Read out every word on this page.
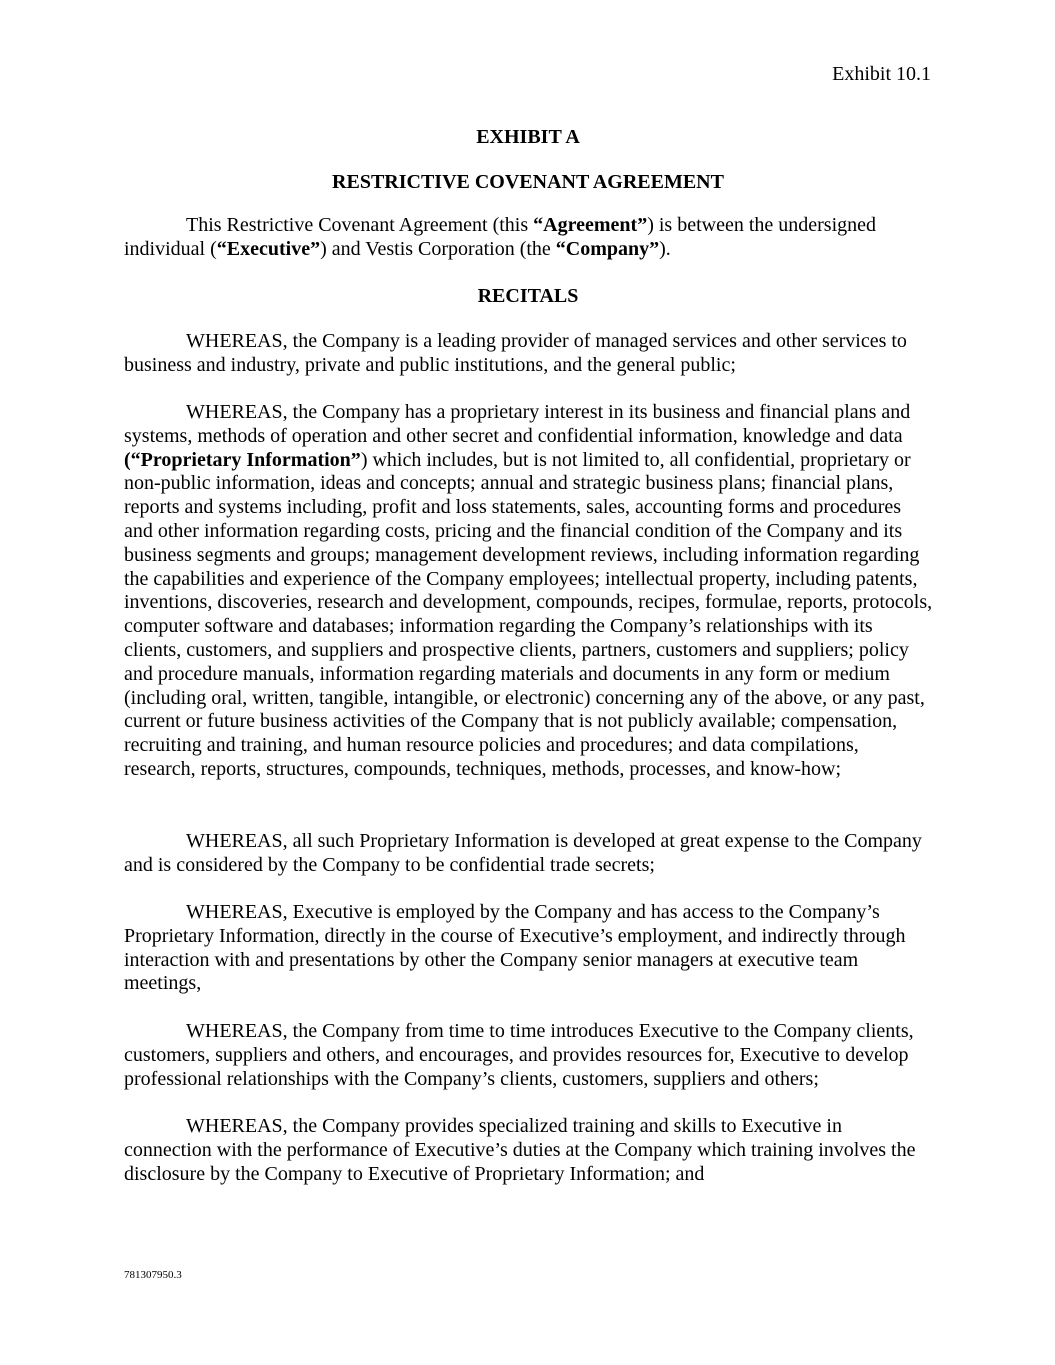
Exhibit 10.1
EXHIBIT A
RESTRICTIVE COVENANT AGREEMENT

This Restrictive Covenant Agreement (this “Agreement”) is between the undersigned individual (“Executive”) and Vestis Corporation (the “Company”).

RECITALS

WHEREAS, the Company is a leading provider of managed services and other services to business and industry, private and public institutions, and the general public;

WHEREAS, the Company has a proprietary interest in its business and financial plans and systems, methods of operation and other secret and confidential information, knowledge and data (“Proprietary Information”) which includes, but is not limited to, all confidential, proprietary or non-public information, ideas and concepts; annual and strategic business plans; financial plans, reports and systems including, profit and loss statements, sales, accounting forms and procedures and other information regarding costs, pricing and the financial condition of the Company and its business segments and groups; management development reviews, including information regarding the capabilities and experience of the Company employees; intellectual property, including patents, inventions, discoveries, research and development, compounds, recipes, formulae, reports, protocols, computer software and databases; information regarding the Company’s relationships with its clients, customers, and suppliers and prospective clients, partners, customers and suppliers; policy and procedure manuals, information regarding materials and documents in any form or medium (including oral, written, tangible, intangible, or electronic) concerning any of the above, or any past, current or future business activities of the Company that is not publicly available; compensation, recruiting and training, and human resource policies and procedures; and data compilations, research, reports, structures, compounds, techniques, methods, processes, and know-how;

WHEREAS, all such Proprietary Information is developed at great expense to the Company and is considered by the Company to be confidential trade secrets;

WHEREAS, Executive is employed by the Company and has access to the Company’s Proprietary Information, directly in the course of Executive’s employment, and indirectly through interaction with and presentations by other the Company senior managers at executive team meetings,

WHEREAS, the Company from time to time introduces Executive to the Company clients, customers, suppliers and others, and encourages, and provides resources for, Executive to develop professional relationships with the Company’s clients, customers, suppliers and others;

WHEREAS, the Company provides specialized training and skills to Executive in connection with the performance of Executive’s duties at the Company which training involves the disclosure by the Company to Executive of Proprietary Information; and

781307950.3
